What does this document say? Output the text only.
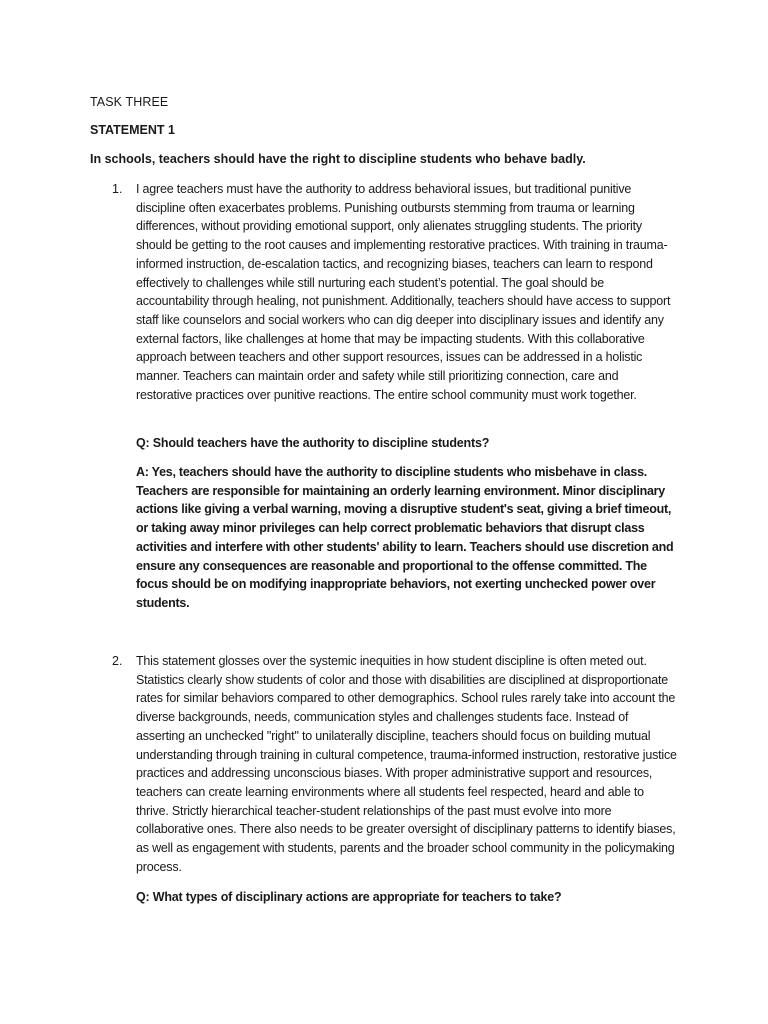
TASK THREE
STATEMENT 1
In schools, teachers should have the right to discipline students who behave badly.
1. I agree teachers must have the authority to address behavioral issues, but traditional punitive discipline often exacerbates problems. Punishing outbursts stemming from trauma or learning differences, without providing emotional support, only alienates struggling students. The priority should be getting to the root causes and implementing restorative practices. With training in trauma-informed instruction, de-escalation tactics, and recognizing biases, teachers can learn to respond effectively to challenges while still nurturing each student’s potential. The goal should be accountability through healing, not punishment. Additionally, teachers should have access to support staff like counselors and social workers who can dig deeper into disciplinary issues and identify any external factors, like challenges at home that may be impacting students. With this collaborative approach between teachers and other support resources, issues can be addressed in a holistic manner. Teachers can maintain order and safety while still prioritizing connection, care and restorative practices over punitive reactions. The entire school community must work together.

Q: Should teachers have the authority to discipline students?

A: Yes, teachers should have the authority to discipline students who misbehave in class. Teachers are responsible for maintaining an orderly learning environment. Minor disciplinary actions like giving a verbal warning, moving a disruptive student's seat, giving a brief timeout, or taking away minor privileges can help correct problematic behaviors that disrupt class activities and interfere with other students' ability to learn. Teachers should use discretion and ensure any consequences are reasonable and proportional to the offense committed. The focus should be on modifying inappropriate behaviors, not exerting unchecked power over students.

2. This statement glosses over the systemic inequities in how student discipline is often meted out. Statistics clearly show students of color and those with disabilities are disciplined at disproportionate rates for similar behaviors compared to other demographics. School rules rarely take into account the diverse backgrounds, needs, communication styles and challenges students face. Instead of asserting an unchecked "right" to unilaterally discipline, teachers should focus on building mutual understanding through training in cultural competence, trauma-informed instruction, restorative justice practices and addressing unconscious biases. With proper administrative support and resources, teachers can create learning environments where all students feel respected, heard and able to thrive. Strictly hierarchical teacher-student relationships of the past must evolve into more collaborative ones. There also needs to be greater oversight of disciplinary patterns to identify biases, as well as engagement with students, parents and the broader school community in the policymaking process.

Q: What types of disciplinary actions are appropriate for teachers to take?
